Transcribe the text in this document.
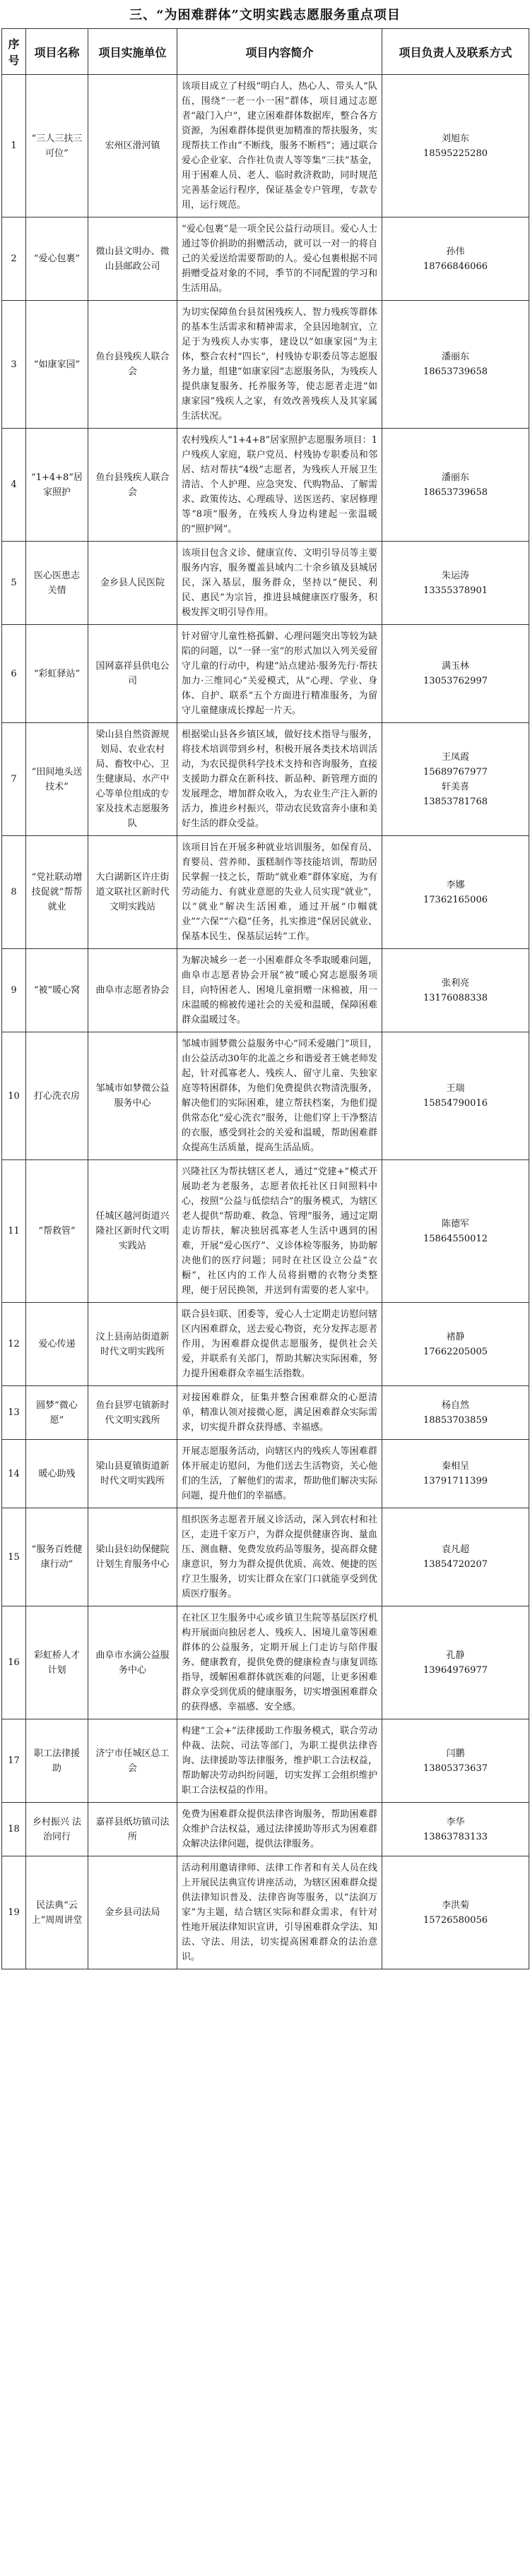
三、“为困难群体”文明实践志愿服务重点项目
序号	项目名称	项目实施单位	项目内容简介	项目负责人及联系方式
1	“三人三扶三可位”	宏州区滑河镇	该项目成立了村级“明白人、热心人、带头人”队伍，围绕“一老一小一困”群体，项目通过志愿者“敲门入户”，建立困难群体数据库，整合各方资源，为困难群体提供更加精准的帮扶服务，实现帮扶工作由“不断线，服务不断档”；通过联合爱心企业家、合作社负责人等等集“三扶”基金，用于困难人员、老人、临时救济救助，同时规范完善基金运行程序，保证基金专户管理，专款专用，运行规范。	刘旭东
18595225280
2	“爱心包裹”	微山县文明办、微山县邮政公司	“爱心包裹”是一项全民公益行动项目。爱心人士通过等价捐助的捐赠活动，就可以一对一的将自己的关爱送给需要帮助的人。爱心包裹根据不同捐赠受益对象的不同，季节的不同配置的学习和生活用品。	孙伟
18766846066
3	“如康家园”	鱼台县残疾人联合会	为切实保障鱼台县贫困残疾人、智力残疾等群体的基本生活需求和精神需求，全县因地制宜，立足于为残疾人办实事，建设以“如康家园”为主体，整合农村“四长”，村残协专职委员等志愿服务力量，组建“如康家园”志愿服务队，为残疾人提供康复服务、托养服务等，使志愿者走进“如康家园”残疾人之家，有效改善残疾人及其家属生活状况。	潘丽东
18653739658
4	“1+4+8”居家照护	鱼台县残疾人联合会	农村残疾人“1+4+8”居家照护志愿服务项目：1户残疾人家庭，联户党员、村残协专职委员和邻居、结对帮扶“4级”志愿者，为残疾人开展卫生清洁、个人护理、应急突发、代购物品、了解需求、政策传达、心理疏导、送医送药、家居修理等“8项”服务，在残疾人身边构建起一张温暖的“照护网”。	潘丽东
18653739658
5	医心医患志关情	金乡县人民医院	该项目包含义诊、健康宣传、文明引导员等主要服务内容，服务覆盖县域内二十余乡镇及县城居民，深入基层，服务群众，坚持以“便民、利民、惠民”为宗旨，推进县城健康医疗服务，积极发挥文明引导作用。	朱运涛
13355378901
6	“彩虹驿站”	国网嘉祥县供电公司	针对留守儿童性格孤僻、心理问题突出等较为缺陷的问题，以“一驿一室”的形式加以入列关爱留守儿童的行动中，构建“站点建站·服务先行·帮扶加力·三维同心”关爱模式，从“心理、学业、身体、自护、联系”五个方面进行精准服务，为留守儿童健康成长撑起一片天。	满玉林
13053762997
7	“田间地头送技术”	梁山县自然资源规划局、农业农村局、畜牧中心、卫生健康局、水产中心等单位组成的专家及技术志愿服务队	根据梁山县各乡镇区域，做好技术指导与服务，将技术培训带到乡村，积极开展各类技术培训活动，为农民提供科学技术支持和咨询服务，直接支援助力群众在新科技、新品种、新管理方面的发展理念，增加群众收入，为农业生产注入新的活力，推进乡村振兴，带动农民致富奔小康和美好生活的群众受益。	王凤霞
15689767977
轩美喜
13853781768
8	“党社联动增技促就”帮帮就业	大白湖新区许庄街道文联社区新时代文明实践站	该项目旨在开展多种就业培训服务，如保育员、育婴员、营养师、蛋糕制作等技能培训，帮助居民掌握一技之长，帮助“就业难”群体家庭，为有劳动能力、有就业意愿的失业人员实现“就业”，以“就业”解决生活困难，通过开展“巾帼就业”“六保”“六稳”任务，扎实推进“保居民就业、保基本民生、保基层运转”工作。	李娜
17362165006
9	“被”暖心窝	曲阜市志愿者协会	为解决城乡一老一小困难群众冬季取暖难问题，曲阜市志愿者协会开展“被”暖心窝志愿服务项目，向特困老人、困境儿童捐赠一床棉被，用一床温暖的棉被传递社会的关爱和温暖，保障困难群众温暖过冬。	张利亮
13176088338
10	打心洗衣房	邹城市如梦微公益服务中心	邹城市圆梦微公益服务中心“同禾爱融门”项目，由公益活动30年的北盖之乡和谐爱者王姚老师发起，针对孤寡老人、残疾人、留守儿童、失独家庭等特困群体，为他们免费提供衣物清洗服务，解决他们的实际困难，建立帮扶档案，为他们提供常态化“爱心洗衣”服务，让他们穿上干净整洁的衣服，感受到社会的关爱和温暖，帮助困难群众提高生活质量，提高生活品质。	王瑞
15854790016
11	“帮救管”	任城区越河街道兴隆社区新时代文明实践站	兴隆社区为帮扶辖区老人，通过“党建+”模式开展助老为老服务，志愿者依托社区日间照料中心，按照“公益与低偿结合”的服务模式，为辖区老人提供“帮助难、救急、管理”服务，通过定期走访帮扶，解决独居孤寡老人生活中遇到的困难，开展“爱心医疗”、义诊体检等服务，协助解决他们的医疗问题；同时在社区设立公益“衣橱”，社区内的工作人员将捐赠的衣物分类整理，便于居民换领，并送到有需要的老人家中。	陈德军
15864550012
12	爱心传递	汶上县南站街道新时代文明实践所	联合县妇联、团委等，爱心人士定期走访慰问辖区内困难群众，送去爱心物资，充分发挥志愿者作用，为困难群众提供志愿服务，提供社会关爱，并联系有关部门，帮助其解决实际困难，努力提升困难群众幸福生活指数。	褚静
17662205005
13	圆梦“微心愿”	鱼台县罗屯镇新时代文明实践所	对接困难群众，征集并整合困难群众的心愿清单，精准认领对接微心愿，满足困难群众实际需求，切实提升群众获得感、幸福感。	杨自然
18853703859
14	暖心助残	梁山县夏镇街道新时代文明实践所	开展志愿服务活动，向辖区内的残疾人等困难群体开展走访慰问，为他们送去生活物资，关心他们的生活，了解他们的需求，帮助他们解决实际问题，提升他们的幸福感。	秦相呈
13791711399
15	“服务百姓健康行动”	梁山县妇幼保健院计划生育服务中心	组织医务志愿者开展义诊活动，深入到农村和社区，走进千家万户，为群众提供健康咨询、量血压、测血糖、免费发放药品等服务，提高群众健康意识，努力为群众提供优质、高效、便捷的医疗卫生服务，切实让群众在家门口就能享受到优质医疗服务。	袁凡超
13854720207
16	彩虹桥人才计划	曲阜市水滴公益服务中心	在社区卫生服务中心或乡镇卫生院等基层医疗机构开展面向独居老人、残疾人、困境儿童等困难群体的公益服务，定期开展上门走访与陪伴服务、健康教育，提供免费的健康检查与康复训练指导，缓解困难群体就医难的问题，让更多困难群众享受到优质的健康服务，切实增强困难群众的获得感、幸福感、安全感。	孔静
13964976977
17	职工法律援助	济宁市任城区总工会	构建“工会+”法律援助工作服务模式，联合劳动仲裁、法院、司法等部门，为职工提供法律咨询、法律援助等法律服务，维护职工合法权益，帮助解决劳动纠纷问题，切实发挥工会组织维护职工合法权益的作用。	闫鹏
13805373637
18	乡村振兴 法治同行	嘉祥县纸坊镇司法所	免费为困难群众提供法律咨询服务，帮助困难群众维护合法权益，通过法律援助等形式为困难群众解决法律问题，提供法律服务。	李华
13863783133
19	民法典“云上”周周讲堂	金乡县司法局	活动利用邀请律师、法律工作者和有关人员在线上开展民法典宣传讲座活动，为辖区困难群众提供法律知识普及、法律咨询等服务，以“法润万家”为主题，结合辖区实际和群众需求，有针对性地开展法律知识宣讲，引导困难群众学法、知法、守法、用法，切实提高困难群众的法治意识。	李洪菊
15726580056
